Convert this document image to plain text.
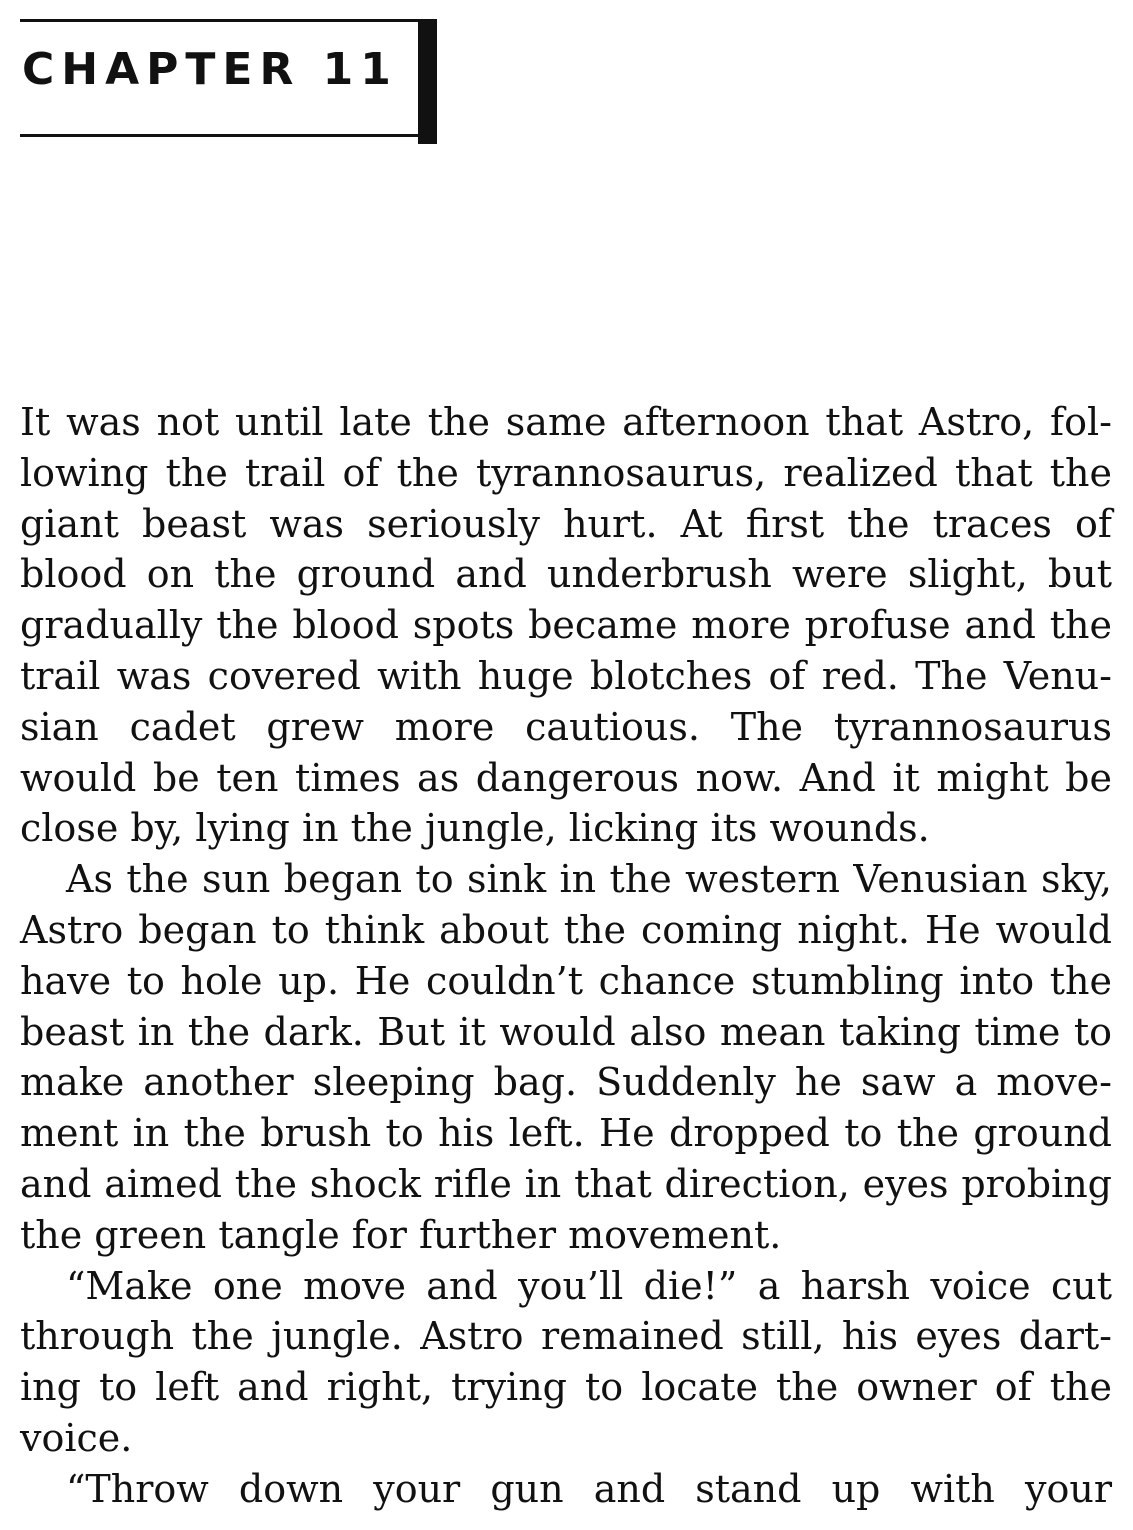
CHAPTER 11
It was not until late the same afternoon that Astro, fol-
lowing the trail of the tyrannosaurus, realized that the
giant beast was seriously hurt. At first the traces of
blood on the ground and underbrush were slight, but
gradually the blood spots became more profuse and the
trail was covered with huge blotches of red. The Venu-
sian cadet grew more cautious. The tyrannosaurus
would be ten times as dangerous now. And it might be
close by, lying in the jungle, licking its wounds.
As the sun began to sink in the western Venusian sky,
Astro began to think about the coming night. He would
have to hole up. He couldn’t chance stumbling into the
beast in the dark. But it would also mean taking time to
make another sleeping bag. Suddenly he saw a move-
ment in the brush to his left. He dropped to the ground
and aimed the shock rifle in that direction, eyes probing
the green tangle for further movement.
“Make one move and you’ll die!” a harsh voice cut
through the jungle. Astro remained still, his eyes dart-
ing to left and right, trying to locate the owner of the
voice.
“Throw down your gun and stand up with your
